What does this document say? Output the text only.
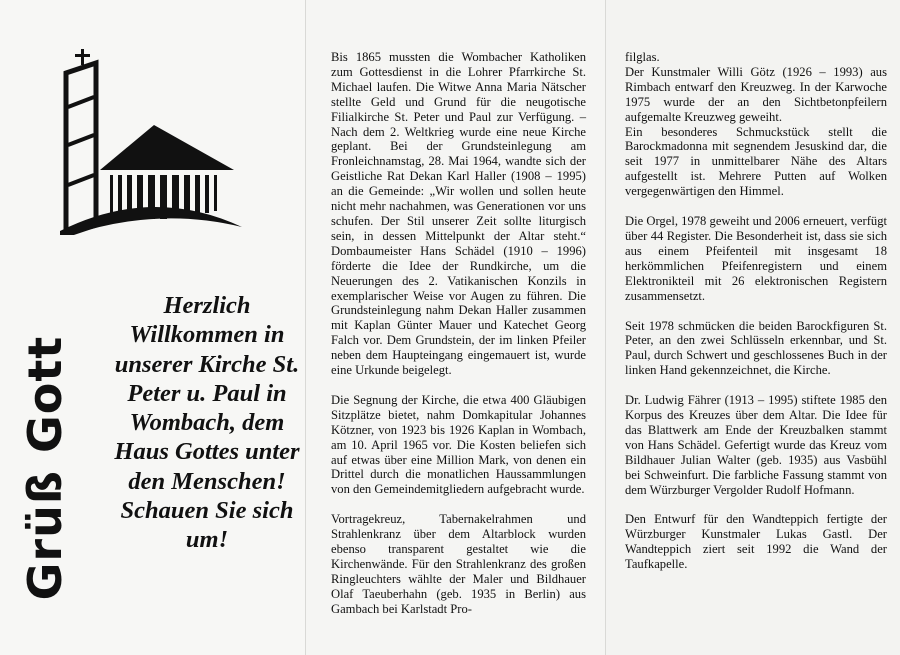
Grüß Gott
Herzlich Willkommen in unserer Kirche St. Peter u. Paul in Wombach, dem Haus Gottes unter den Menschen! Schauen Sie sich um!

Bis 1865 mussten die Wombacher Katholiken zum Gottesdienst in die Lohrer Pfarrkirche St. Michael laufen. Die Witwe Anna Maria Nätscher stellte Geld und Grund für die neugotische Filialkirche St. Peter und Paul zur Verfügung. – Nach dem 2. Weltkrieg wurde eine neue Kirche geplant. Bei der Grundsteinlegung am Fronleichnamstag, 28. Mai 1964, wandte sich der Geistliche Rat Dekan Karl Haller (1908 – 1995) an die Gemeinde: „Wir wollen und sollen heute nicht mehr nachahmen, was Generationen vor uns schufen. Der Stil unserer Zeit sollte liturgisch sein, in dessen Mittelpunkt der Altar steht.“ Dombaumeister Hans Schädel (1910 – 1996) förderte die Idee der Rundkirche, um die Neuerungen des 2. Vatikanischen Konzils in exemplarischer Weise vor Augen zu führen. Die Grundsteinlegung nahm Dekan Haller zusammen mit Kaplan Günter Mauer und Katechet Georg Falch vor. Dem Grundstein, der im linken Pfeiler neben dem Haupteingang eingemauert ist, wurde eine Urkunde beigelegt.

Die Segnung der Kirche, die etwa 400 Gläubigen Sitzplätze bietet, nahm Domkapitular Johannes Kötzner, von 1923 bis 1926 Kaplan in Wombach, am 10. April 1965 vor. Die Kosten beliefen sich auf etwas über eine Million Mark, von denen ein Drittel durch die monatlichen Haussammlungen von den Gemeindemitgliedern aufgebracht wurde.

Vortragekreuz, Tabernakelrahmen und Strahlenkranz über dem Altarblock wurden ebenso transparent gestaltet wie die Kirchenwände. Für den Strahlenkranz des großen Ringleuchters wählte der Maler und Bildhauer Olaf Taeuberhahn (geb. 1935 in Berlin) aus Gambach bei Karlstadt Pro-

filglas.

Der Kunstmaler Willi Götz (1926 – 1993) aus Rimbach entwarf den Kreuzweg. In der Karwoche 1975 wurde der an den Sichtbetonpfeilern aufgemalte Kreuzweg geweiht.

Ein besonderes Schmuckstück stellt die Barockmadonna mit segnendem Jesuskind dar, die seit 1977 in unmittelbarer Nähe des Altars aufgestellt ist. Mehrere Putten auf Wolken vergegenwärtigen den Himmel.

Die Orgel, 1978 geweiht und 2006 erneuert, verfügt über 44 Register. Die Besonderheit ist, dass sie sich aus einem Pfeifenteil mit insgesamt 18 herkömmlichen Pfeifenregistern und einem Elektronikteil mit 26 elektronischen Registern zusammensetzt.

Seit 1978 schmücken die beiden Barockfiguren St. Peter, an den zwei Schlüsseln erkennbar, und St. Paul, durch Schwert und geschlossenes Buch in der linken Hand gekennzeichnet, die Kirche.

Dr. Ludwig Fährer (1913 – 1995) stiftete 1985 den Korpus des Kreuzes über dem Altar. Die Idee für das Blattwerk am Ende der Kreuzbalken stammt von Hans Schädel. Gefertigt wurde das Kreuz vom Bildhauer Julian Walter (geb. 1935) aus Vasbühl bei Schweinfurt. Die farbliche Fassung stammt von dem Würzburger Vergolder Rudolf Hofmann.

Den Entwurf für den Wandteppich fertigte der Würzburger Kunstmaler Lukas Gastl. Der Wandteppich ziert seit 1992 die Wand der Taufkapelle.
